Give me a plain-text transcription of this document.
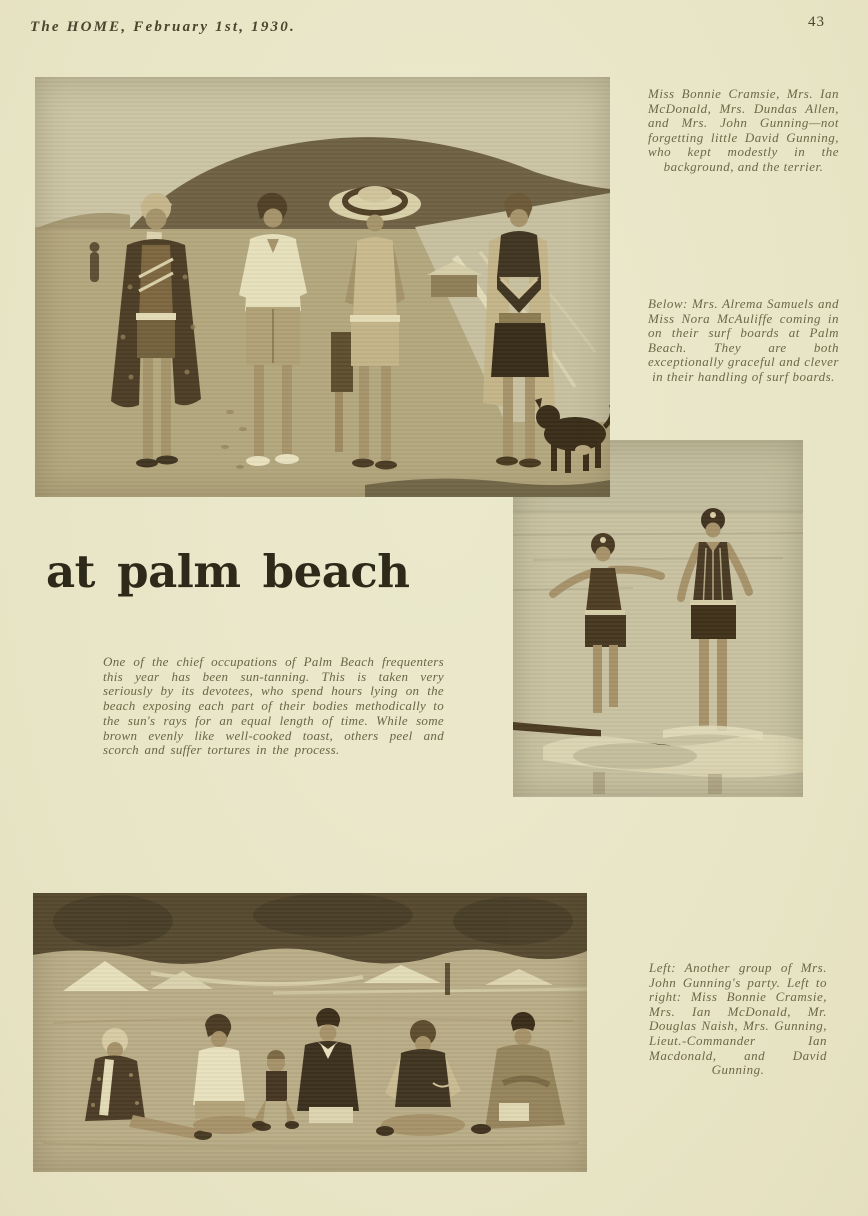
The HOME, February 1st, 1930.	43
Miss Bonnie Cramsie, Mrs. Ian McDonald, Mrs. Dundas Allen, and Mrs. John Gunning—not forgetting little David Gunning, who kept modestly in the background, and the terrier.
Below: Mrs. Alrema Samuels and Miss Nora McAuliffe coming in on their surf boards at Palm Beach. They are both exceptionally graceful and clever in their handling of surf boards.
at palm beach

One of the chief occupations of Palm Beach frequenters this year has been sun-tanning. This is taken very seriously by its devotees, who spend hours lying on the beach exposing each part of their bodies methodically to the sun's rays for an equal length of time. While some brown evenly like well-cooked toast, others peel and scorch and suffer tortures in the process.

Left: Another group of Mrs. John Gunning's party. Left to right: Miss Bonnie Cramsie, Mrs. Ian McDonald, Mr. Douglas Naish, Mrs. Gunning, Lieut.-Commander Ian Macdonald, and David Gunning.
